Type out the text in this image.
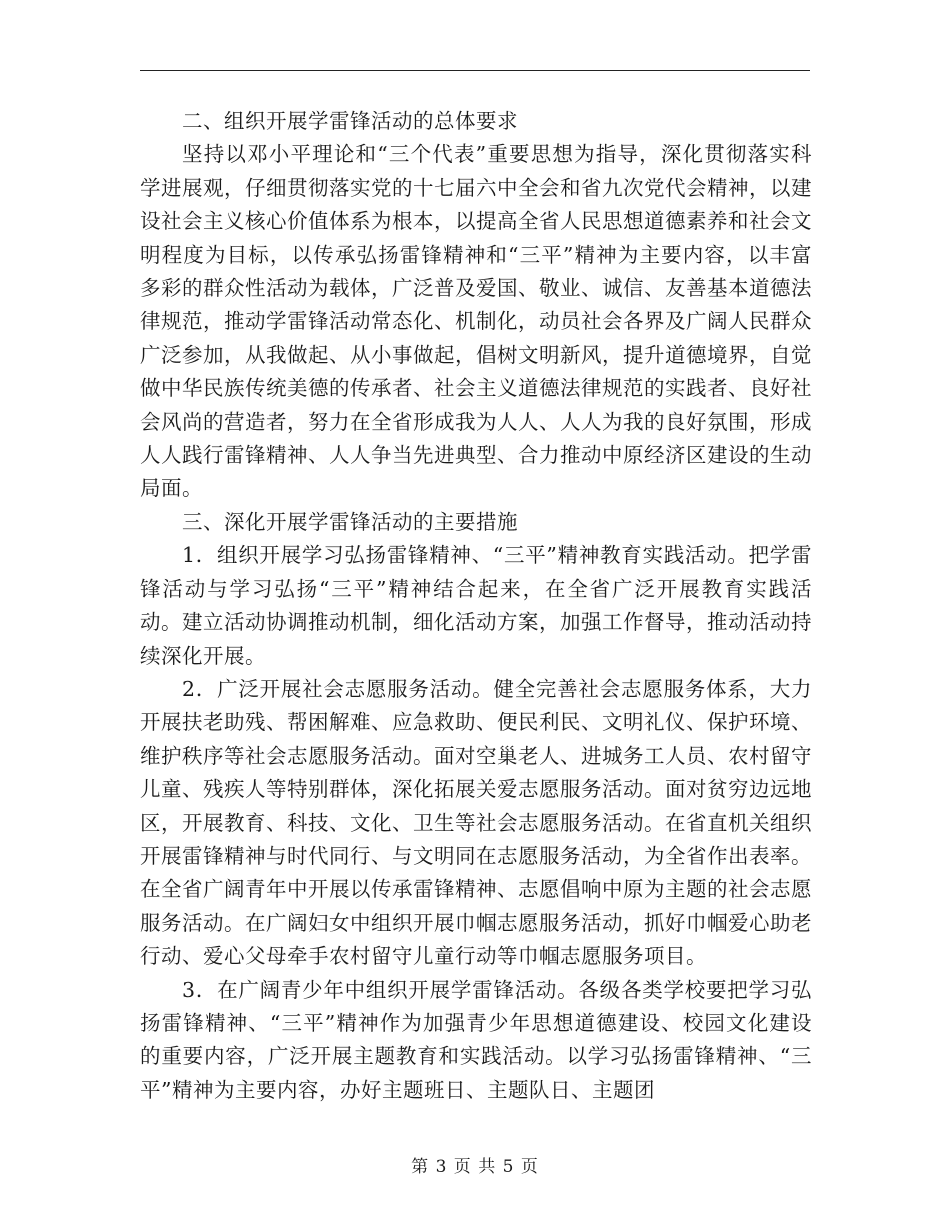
二、组织开展学雷锋活动的总体要求

坚持以邓小平理论和“三个代表”重要思想为指导，深化贯彻落实科学进展观，仔细贯彻落实党的十七届六中全会和省九次党代会精神，以建设社会主义核心价值体系为根本，以提高全省人民思想道德素养和社会文明程度为目标，以传承弘扬雷锋精神和“三平”精神为主要内容，以丰富多彩的群众性活动为载体，广泛普及爱国、敬业、诚信、友善基本道德法律规范，推动学雷锋活动常态化、机制化，动员社会各界及广阔人民群众广泛参加，从我做起、从小事做起，倡树文明新风，提升道德境界，自觉做中华民族传统美德的传承者、社会主义道德法律规范的实践者、良好社会风尚的营造者，努力在全省形成我为人人、人人为我的良好氛围，形成人人践行雷锋精神、人人争当先进典型、合力推动中原经济区建设的生动局面。

三、深化开展学雷锋活动的主要措施

1．组织开展学习弘扬雷锋精神、“三平”精神教育实践活动。把学雷锋活动与学习弘扬“三平”精神结合起来，在全省广泛开展教育实践活动。建立活动协调推动机制，细化活动方案，加强工作督导，推动活动持续深化开展。

2．广泛开展社会志愿服务活动。健全完善社会志愿服务体系，大力开展扶老助残、帮困解难、应急救助、便民利民、文明礼仪、保护环境、维护秩序等社会志愿服务活动。面对空巢老人、进城务工人员、农村留守儿童、残疾人等特别群体，深化拓展关爱志愿服务活动。面对贫穷边远地区，开展教育、科技、文化、卫生等社会志愿服务活动。在省直机关组织开展雷锋精神与时代同行、与文明同在志愿服务活动，为全省作出表率。在全省广阔青年中开展以传承雷锋精神、志愿倡响中原为主题的社会志愿服务活动。在广阔妇女中组织开展巾帼志愿服务活动，抓好巾帼爱心助老行动、爱心父母牵手农村留守儿童行动等巾帼志愿服务项目。

3．在广阔青少年中组织开展学雷锋活动。各级各类学校要把学习弘扬雷锋精神、“三平”精神作为加强青少年思想道德建设、校园文化建设的重要内容，广泛开展主题教育和实践活动。以学习弘扬雷锋精神、“三平”精神为主要内容，办好主题班日、主题队日、主题团

第 3 页 共 5 页
